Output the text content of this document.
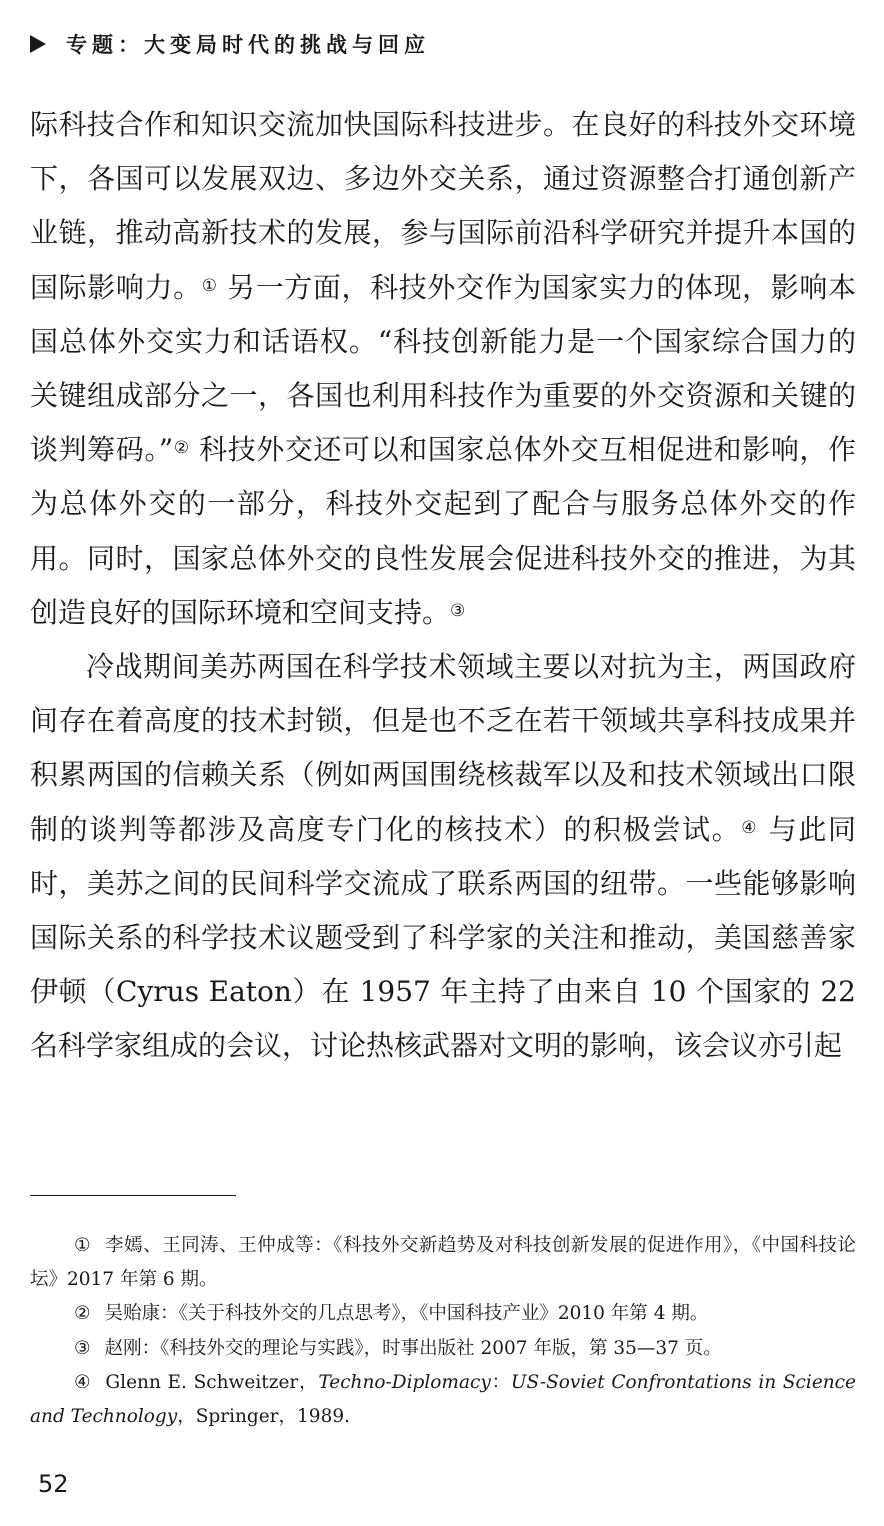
专题：大变局时代的挑战与回应

际科技合作和知识交流加快国际科技进步。在良好的科技外交环境下，各国可以发展双边、多边外交关系，通过资源整合打通创新产业链，推动高新技术的发展，参与国际前沿科学研究并提升本国的国际影响力。① 另一方面，科技外交作为国家实力的体现，影响本国总体外交实力和话语权。“科技创新能力是一个国家综合国力的关键组成部分之一，各国也利用科技作为重要的外交资源和关键的谈判筹码。”② 科技外交还可以和国家总体外交互相促进和影响，作为总体外交的一部分，科技外交起到了配合与服务总体外交的作用。同时，国家总体外交的良性发展会促进科技外交的推进，为其创造良好的国际环境和空间支持。③

冷战期间美苏两国在科学技术领域主要以对抗为主，两国政府间存在着高度的技术封锁，但是也不乏在若干领域共享科技成果并积累两国的信赖关系（例如两国围绕核裁军以及和技术领域出口限制的谈判等都涉及高度专门化的核技术）的积极尝试。④ 与此同时，美苏之间的民间科学交流成了联系两国的纽带。一些能够影响国际关系的科学技术议题受到了科学家的关注和推动，美国慈善家伊顿（Cyrus Eaton）在 1957 年主持了由来自 10 个国家的 22 名科学家组成的会议，讨论热核武器对文明的影响，该会议亦引起

① 李嫣、王同涛、王仲成等：《科技外交新趋势及对科技创新发展的促进作用》，《中国科技论坛》2017 年第 6 期。

② 吴贻康：《关于科技外交的几点思考》，《中国科技产业》2010 年第 4 期。

③ 赵刚：《科技外交的理论与实践》，时事出版社 2007 年版，第 35—37 页。

④ Glenn E. Schweitzer，Techno-Diplomacy：US-Soviet Confrontations in Science and Technology，Springer，1989.

52
